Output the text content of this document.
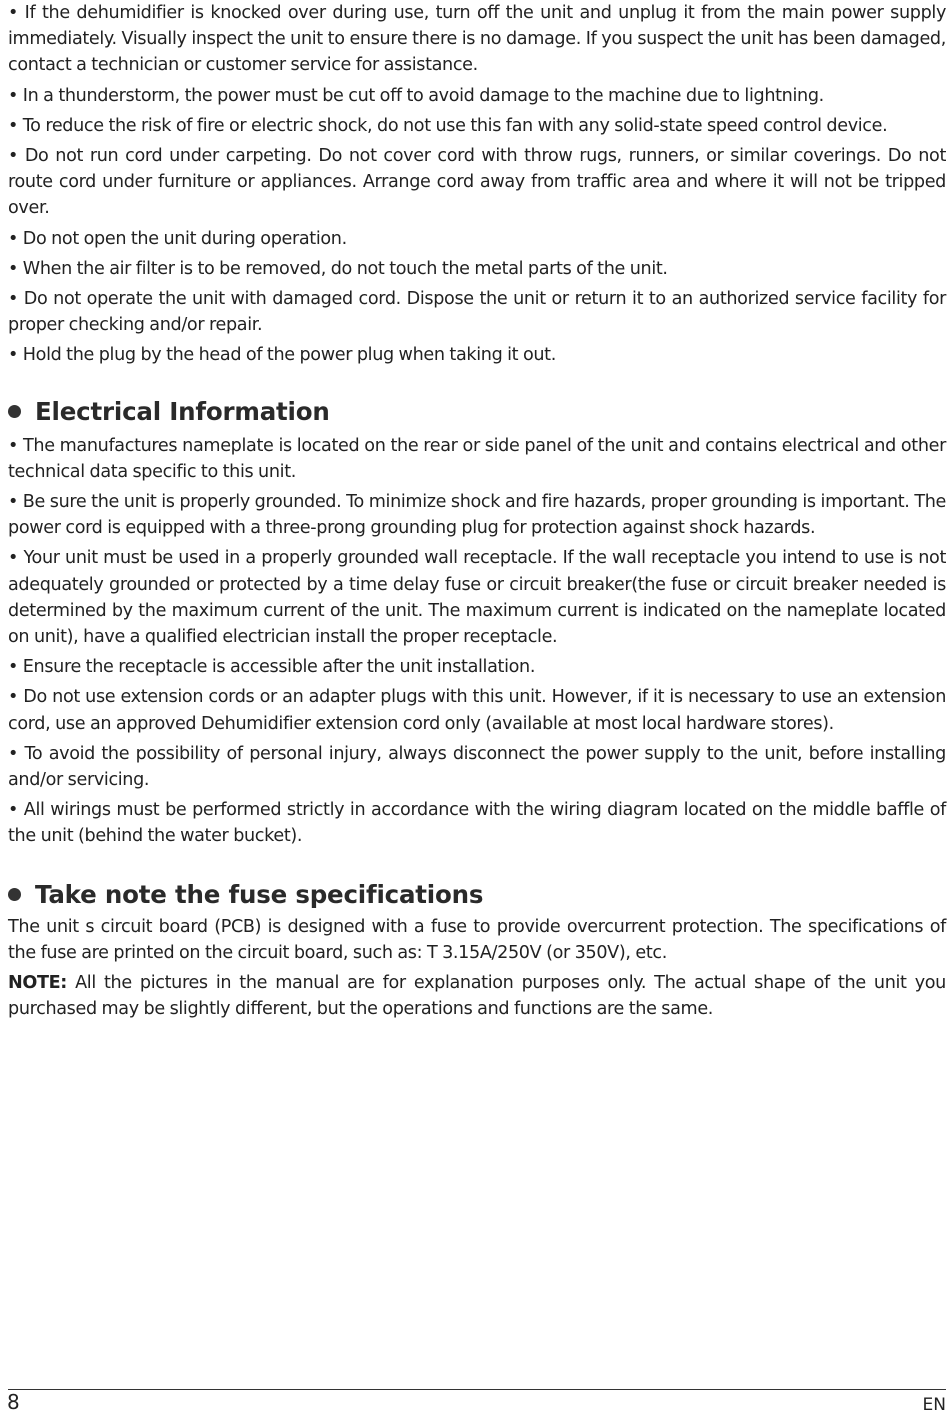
• If the dehumidifier is knocked over during use, turn off the unit and unplug it from the main power supply immediately. Visually inspect the unit to ensure there is no damage. If you suspect the unit has been damaged, contact a technician or customer service for assistance.

• In a thunderstorm, the power must be cut off to avoid damage to the machine due to lightning.

• To reduce the risk of fire or electric shock, do not use this fan with any solid-state speed control device.

• Do not run cord under carpeting. Do not cover cord with throw rugs, runners, or similar coverings. Do not route cord under furniture or appliances. Arrange cord away from traffic area and where it will not be tripped over.

• Do not open the unit during operation.

• When the air filter is to be removed, do not touch the metal parts of the unit.

• Do not operate the unit with damaged cord. Dispose the unit or return it to an authorized service facility for proper checking and/or repair.

• Hold the plug by the head of the power plug when taking it out.

Electrical Information

• The manufactures nameplate is located on the rear or side panel of the unit and contains electrical and other technical data specific to this unit.

• Be sure the unit is properly grounded. To minimize shock and fire hazards, proper grounding is important. The power cord is equipped with a three-prong grounding plug for protection against shock hazards.

• Your unit must be used in a properly grounded wall receptacle. If the wall receptacle you intend to use is not adequately grounded or protected by a time delay fuse or circuit breaker(the fuse or circuit breaker needed is determined by the maximum current of the unit. The maximum current is indicated on the nameplate located on unit), have a qualified electrician install the proper receptacle.

• Ensure the receptacle is accessible after the unit installation.

• Do not use extension cords or an adapter plugs with this unit. However, if it is necessary to use an extension cord, use an approved Dehumidifier extension cord only (available at most local hardware stores).

• To avoid the possibility of personal injury, always disconnect the power supply to the unit, before installing and/or servicing.

• All wirings must be performed strictly in accordance with the wiring diagram located on the middle baffle of the unit (behind the water bucket).

Take note the fuse specifications

The unit s circuit board (PCB) is designed with a fuse to provide overcurrent protection. The specifications of the fuse are printed on the circuit board, such as: T 3.15A/250V (or 350V), etc.

NOTE: All the pictures in the manual are for explanation purposes only. The actual shape of the unit you purchased may be slightly different, but the operations and functions are the same.

8	EN
